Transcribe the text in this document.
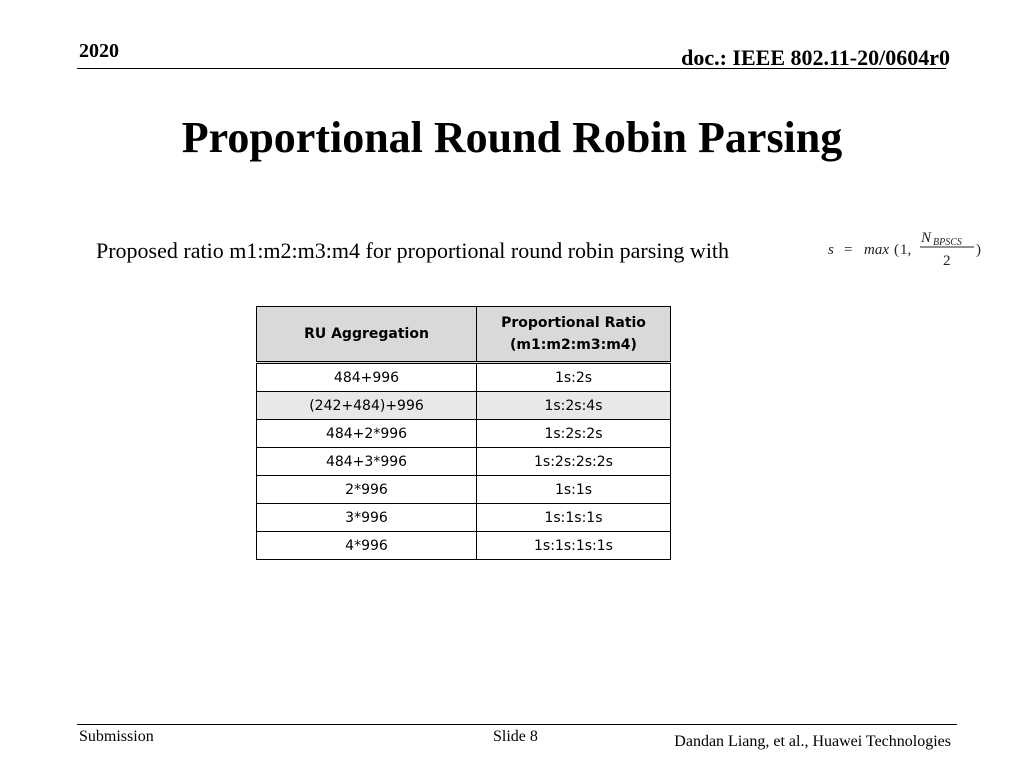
2020	doc.: IEEE 802.11-20/0604r0
Proportional Round Robin Parsing
Proposed ratio m1:m2:m3:m4 for proportional round robin parsing with	s = max ( 1,
N BPSCS
2
)
RU Aggregation	Proportional Ratio
(m1:m2:m3:m4)
484+996	1s:2s
(242+484)+996	1s:2s:4s
484+2*996	1s:2s:2s
484+3*996	1s:2s:2s:2s
2*996	1s:1s
3*996	1s:1s:1s
4*996	1s:1s:1s:1s
Submission	Slide 8	Dandan Liang, et al., Huawei Technologies
